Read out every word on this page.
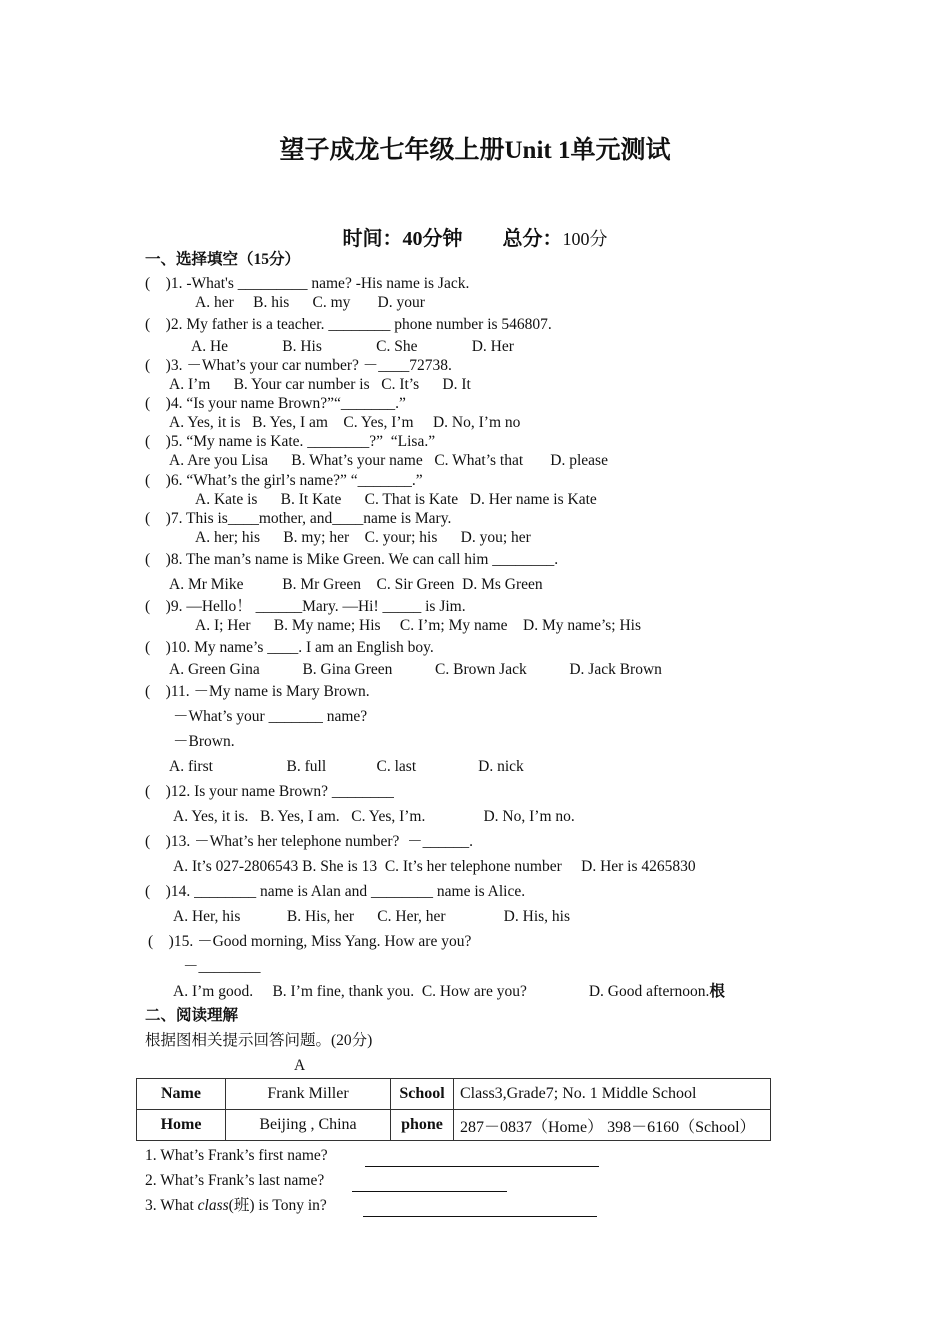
望子成龙七年级上册Unit 1单元测试
时间：40分钟 总分：100分
一、选择填空（15分）
(    )1. -What's _________ name? -His name is Jack.
A. her     B. his      C. my       D. your
(    )2. My father is a teacher. ________ phone number is 546807.
A. He              B. His              C. She              D. Her
(    )3. －What’s your car number? －____72738.
A. I’m      B. Your car number is   C. It’s      D. It
(    )4. “Is your name Brown?”“_______.”
A. Yes, it is   B. Yes, I am    C. Yes, I’m     D. No, I’m no
(    )5. “My name is Kate. ________?”  “Lisa.”
A. Are you Lisa      B. What’s your name   C. What’s that       D. please
(    )6. “What’s the girl’s name?” “_______.”
A. Kate is      B. It Kate      C. That is Kate   D. Her name is Kate
(    )7. This is____mother, and____name is Mary.
A. her; his      B. my; her    C. your; his      D. you; her
(    )8. The man’s name is Mike Green. We can call him ________.
A. Mr Mike          B. Mr Green    C. Sir Green  D. Ms Green
(    )9. —Hello！ ______Mary. —Hi! _____ is Jim.
A. I; Her      B. My name; His     C. I’m; My name    D. My name’s; His
(    )10. My name’s ____. I am an English boy.
A. Green Gina           B. Gina Green           C. Brown Jack           D. Jack Brown
(    )11. －My name is Mary Brown.
－What’s your _______ name?
－Brown.
A. first                   B. full             C. last                D. nick
(    )12. Is your name Brown? ________
A. Yes, it is.   B. Yes, I am.   C. Yes, I’m.               D. No, I’m no.
(    )13. －What’s her telephone number?  －______.
A. It’s 027-2806543 B. She is 13  C. It’s her telephone number     D. Her is 4265830
(    )14. ________ name is Alan and ________ name is Alice.
A. Her, his            B. His, her      C. Her, her               D. His, his
(    )15. －Good morning, Miss Yang. How are you?
－________
A. I’m good.     B. I’m fine, thank you.  C. How are you?                D. Good afternoon.根
二、阅读理解
根据图相关提示回答问题。(20分)
A
Name	Frank Miller	School	Class3,Grade7; No. 1 Middle School
Home	Beijing , China	phone	287－0837（Home） 398－6160（School）
1. What’s Frank’s first name?
2. What’s Frank’s last name?
3. What class(班) is Tony in?
